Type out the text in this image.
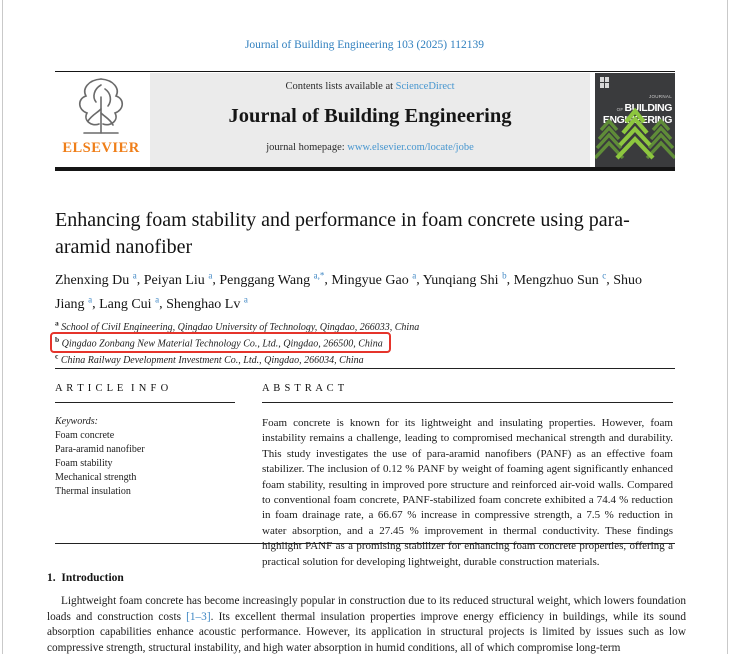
Journal of Building Engineering 103 (2025) 112139
ELSEVIER
Contents lists available at ScienceDirect
Journal of Building Engineering
journal homepage: www.elsevier.com/locate/jobe
JOURNAL OFBUILDING
ENGINEERING
Enhancing foam stability and performance in foam concrete using para-aramid nanofiber
Zhenxing Du $^a$, Peiyan Liu $^a$, Penggang Wang $^{a,*}$, Mingyue Gao $^a$, Yunqiang Shi $^b$, Mengzhuo Sun $^c$, Shuo Jiang $^a$, Lang Cui $^a$, Shenghao Lv $^a$
$^a$ School of Civil Engineering, Qingdao University of Technology, Qingdao, 266033, China
$^b$ Qingdao Zonbang New Material Technology Co., Ltd., Qingdao, 266500, China
$^c$ China Railway Development Investment Co., Ltd., Qingdao, 266034, China
A R T I C L E  I N F O
Keywords:
Foam concrete
Para-aramid nanofiber
Foam stability
Mechanical strength
Thermal insulation
A B S T R A C T
Foam concrete is known for its lightweight and insulating properties. However, foam instability remains a challenge, leading to compromised mechanical strength and durability. This study investigates the use of para-aramid nanofibers (PANF) as an effective foam stabilizer. The inclusion of 0.12 % PANF by weight of foaming agent significantly enhanced foam stability, resulting in improved pore structure and reinforced air-void walls. Compared to conventional foam concrete, PANF-stabilized foam concrete exhibited a 74.4 % reduction in foam drainage rate, a 66.67 % increase in compressive strength, a 7.5 % reduction in water absorption, and a 27.45 % improvement in thermal conductivity. These findings highlight PANF as a promising stabilizer for enhancing foam concrete properties, offering a practical solution for developing lightweight, durable construction materials.
1.  Introduction
Lightweight foam concrete has become increasingly popular in construction due to its reduced structural weight, which lowers foundation loads and construction costs [1–3]. Its excellent thermal insulation properties improve energy efficiency in buildings, while its sound absorption capabilities enhance acoustic performance. However, its application in structural projects is limited by issues such as low compressive strength, structural instability, and high water absorption in humid conditions, all of which compromise long-term
